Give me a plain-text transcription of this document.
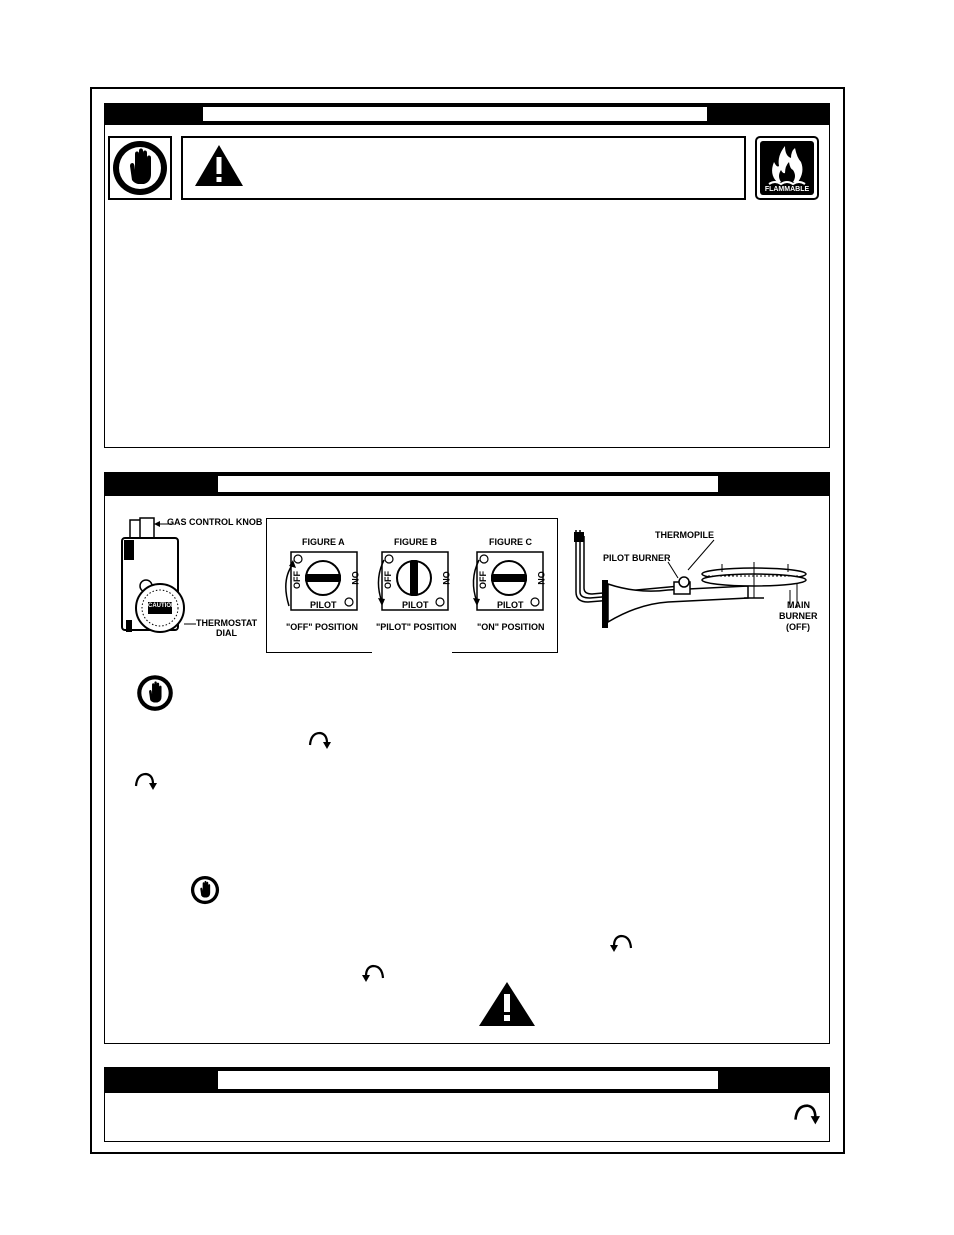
FLAMMABLE
GAS CONTROL KNOB
CAUTION
THERMOSTAT
DIAL
FIGURE A
OFF	ON
PILOT
"OFF" POSITION
FIGURE B
OFF	ON
PILOT
"PILOT" POSITION
FIGURE C
OFF	ON
PILOT
"ON" POSITION
THERMOPILE
PILOT BURNER
MAIN
BURNER
(OFF)
